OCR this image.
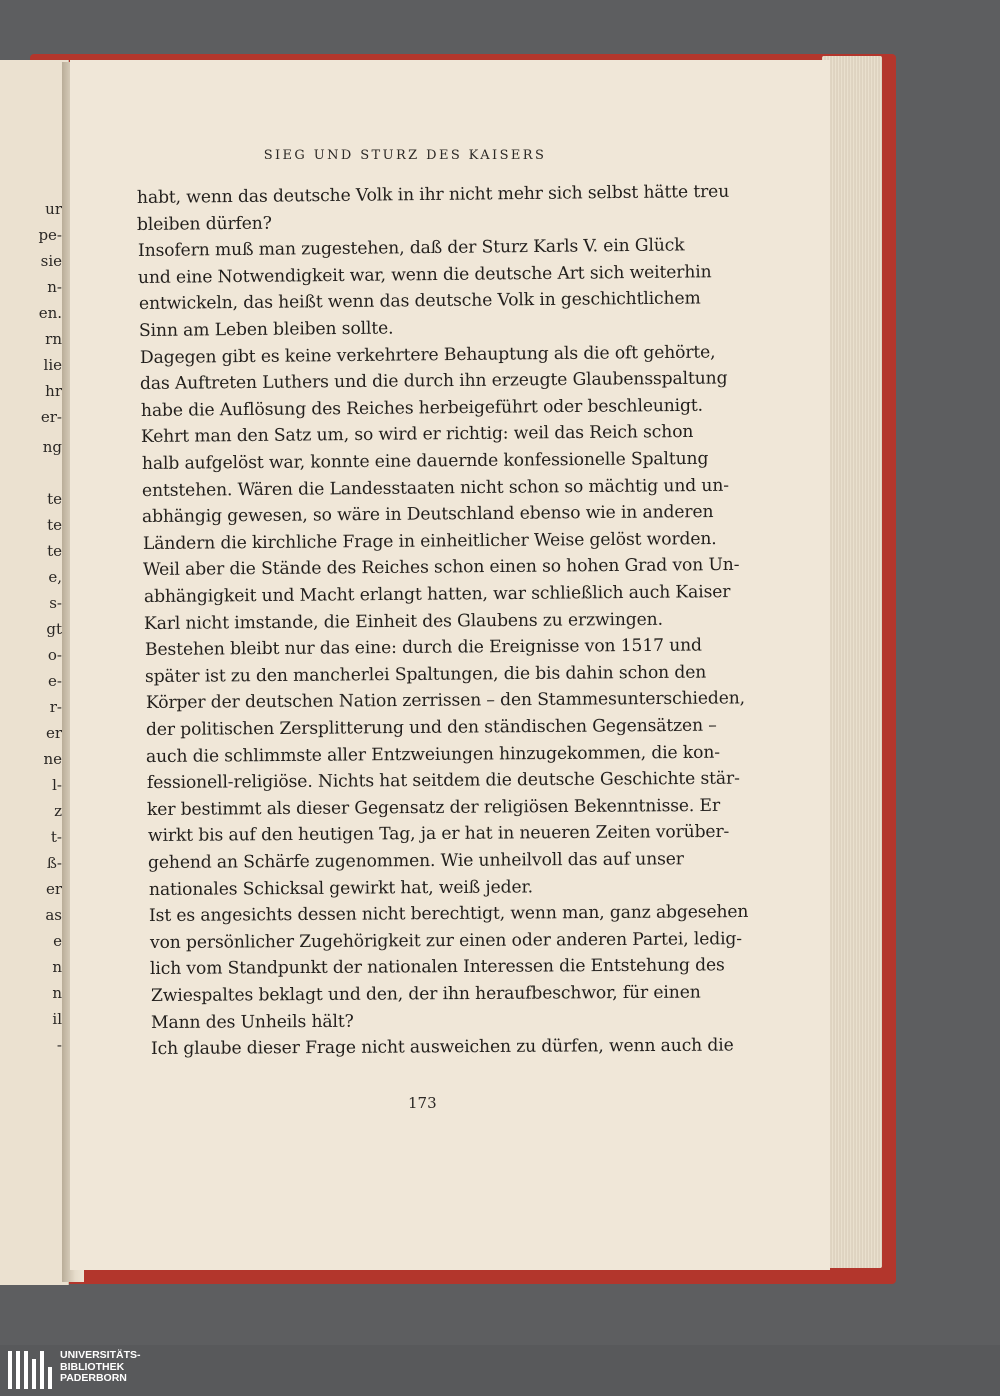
ur
pe-
sie
n-
en.
rn
lie
hr
er-
ng
te
te
te
e,
s-
gt
o-
e-
r-
er
ne
l-
z
t-
ß-
er
as
e
n
n
il
-
SIEG UND STURZ DES KAISERS
habt, wenn das deutsche Volk in ihr nicht mehr sich selbst hätte treu
bleiben dürfen?
Insofern muß man zugestehen, daß der Sturz Karls V. ein Glück
und eine Notwendigkeit war, wenn die deutsche Art sich weiterhin
entwickeln, das heißt wenn das deutsche Volk in geschichtlichem
Sinn am Leben bleiben sollte.
Dagegen gibt es keine verkehrtere Behauptung als die oft gehörte,
das Auftreten Luthers und die durch ihn erzeugte Glaubensspaltung
habe die Auflösung des Reiches herbeigeführt oder beschleunigt.
Kehrt man den Satz um, so wird er richtig: weil das Reich schon
halb aufgelöst war, konnte eine dauernde konfessionelle Spaltung
entstehen. Wären die Landesstaaten nicht schon so mächtig und un-
abhängig gewesen, so wäre in Deutschland ebenso wie in anderen
Ländern die kirchliche Frage in einheitlicher Weise gelöst worden.
Weil aber die Stände des Reiches schon einen so hohen Grad von Un-
abhängigkeit und Macht erlangt hatten, war schließlich auch Kaiser
Karl nicht imstande, die Einheit des Glaubens zu erzwingen.
Bestehen bleibt nur das eine: durch die Ereignisse von 1517 und
später ist zu den mancherlei Spaltungen, die bis dahin schon den
Körper der deutschen Nation zerrissen – den Stammesunterschieden,
der politischen Zersplitterung und den ständischen Gegensätzen –
auch die schlimmste aller Entzweiungen hinzugekommen, die kon-
fessionell-religiöse. Nichts hat seitdem die deutsche Geschichte stär-
ker bestimmt als dieser Gegensatz der religiösen Bekenntnisse. Er
wirkt bis auf den heutigen Tag, ja er hat in neueren Zeiten vorüber-
gehend an Schärfe zugenommen. Wie unheilvoll das auf unser
nationales Schicksal gewirkt hat, weiß jeder.
Ist es angesichts dessen nicht berechtigt, wenn man, ganz abgesehen
von persönlicher Zugehörigkeit zur einen oder anderen Partei, ledig-
lich vom Standpunkt der nationalen Interessen die Entstehung des
Zwiespaltes beklagt und den, der ihn heraufbeschwor, für einen
Mann des Unheils hält?
Ich glaube dieser Frage nicht ausweichen zu dürfen, wenn auch die
173
UNIVERSITÄTS-
BIBLIOTHEK
PADERBORN
